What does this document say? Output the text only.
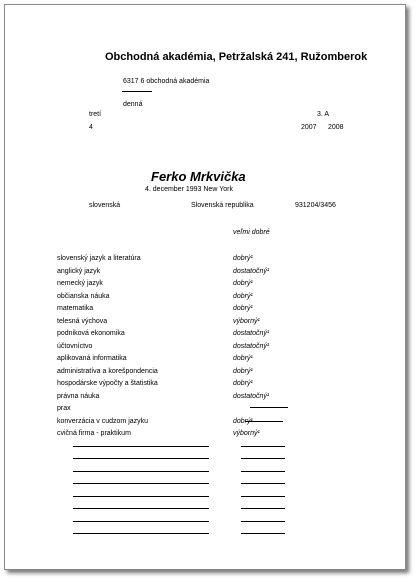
Obchodná akadémia, Petržalská 241, Ružomberok
6317 6 obchodná akadémia
denná
tretí	3. A
4	2007 2008
Ferko Mrkvička
4. december 1993 New York
slovenská	Slovenská republika	931204/3456
veľmi dobré
slovenský jazyk a literatúra	dobrý¹
anglický jazyk	dostatočný¹
nemecký jazyk	dobrý¹
občianska náuka	dobrý¹
matematika	dobrý¹
telesná výchova	výborný¹
podniková ekonomika	dostatočný¹
účtovníctvo	dostatočný¹
aplikovaná informatika	dobrý¹
administratíva a korešpondencia	dobrý¹
hospodárske výpočty a štatistika	dobrý¹
právna náuka	dostatočný¹
prax
konverzácia v cudzom jazyku	dobrý¹
cvičná firma - praktikum	výborný¹
